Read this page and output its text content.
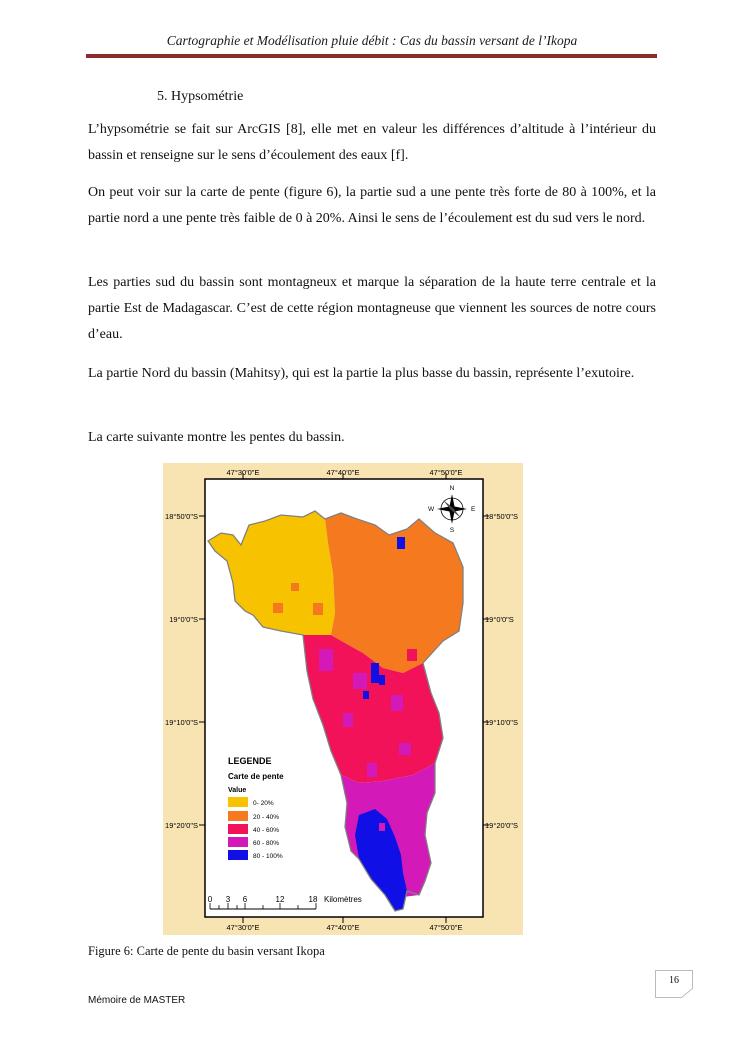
Cartographie et Modélisation pluie débit : Cas du bassin versant de l’Ikopa
5. Hypsométrie

L’hypsométrie se fait sur ArcGIS [8], elle met en valeur les différences d’altitude à l’intérieur du bassin et renseigne sur le sens d’écoulement des eaux [f].

On peut voir sur la carte de pente (figure 6), la partie sud a une pente très forte de 80 à 100%, et la partie nord a une pente très faible de 0 à 20%. Ainsi le sens de l’écoulement est du sud vers le nord.

Les parties sud du bassin sont montagneux et marque la séparation de la haute terre centrale et la partie Est de Madagascar. C’est de cette région montagneuse que viennent les sources de notre cours d’eau.

La partie Nord du bassin (Mahitsy), qui est la partie la plus basse du bassin, représente l’exutoire.

La carte suivante montre les pentes du bassin.

47°30'0"E	47°40'0"E	47°50'0"E
47°30'0"E	47°40'0"E	47°50'0"E
18°50'0"S
19°0'0"S
19°10'0"S
19°20'0"S
18°50'0"S
19°0'0"S
19°10'0"S
19°20'0"S
N
S
E
W
LEGENDE
Carte de pente
Value
0- 20%
20 - 40%
40 - 60%
60 - 80%
80 - 100%
0 3 6	12	18 Kilomètres
Figure 6: Carte de pente du basin versant Ikopa
16
Mémoire de MASTER
